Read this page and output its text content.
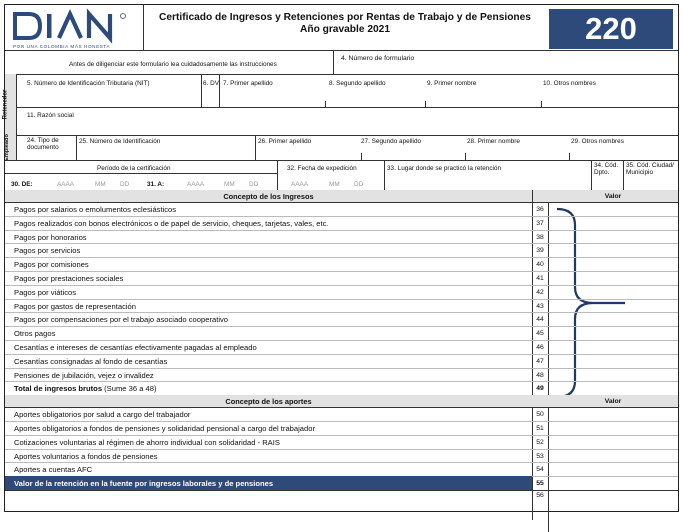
POR UNA COLOMBIA MÁS HONESTA
Certificado de Ingresos y Retenciones por Rentas de Trabajo y de Pensiones
Año gravable 2021	220
Antes de diligenciar este formulario lea cuidadosamente las instrucciones
4. Número de formulario
Retenedor
5. Número de Identificación Tributaria (NIT)	6. DV. 7. Primer apellido	8. Segundo apellido	9. Primer nombre	10. Otros nombres
11. Razón social
Empleado	24. Tipo de
documento
25. Número de Identificación	26. Primer apellido	27. Segundo apellido	28. Primer nombre	29. Otros nombres
Período de la certificación
30. DE:	AAAA	MM DD	31. A:	AAAA	MM DD
32. Fecha de expedición
AAAA	MM DD
33. Lugar donde se practicó la retención	34. Cód.
Dpto.
35. Cód. Ciudad/
Municipio
Concepto de los Ingresos	Valor
Pagos por salarios o emolumentos eclesiásticos	36
Pagos realizados con bonos electrónicos o de papel de servicio, cheques, tarjetas, vales, etc.	37
Pagos por honorarios	38
Pagos por servicios	39
Pagos por comisiones	40
Pagos por prestaciones sociales	41
Pagos por viáticos	42
Pagos por gastos de representación	43
Pagos por compensaciones por el trabajo asociado cooperativo	44
Otros pagos	45
Cesantías e intereses de cesantías efectivamente pagadas al empleado	46
Cesantías consignadas al fondo de cesantías	47
Pensiones de jubilación, vejez o invalidez	48
Total de ingresos brutos (Sume 36 a 48)	49
Concepto de los aportes	Valor
Aportes obligatorios por salud a cargo del trabajador	50
Aportes obligatorios a fondos de pensiones y solidaridad pensional a cargo del trabajador	51
Cotizaciones voluntarias al régimen de ahorro individual con solidaridad - RAIS	52
Aportes voluntarios a fondos de pensiones	53
Aportes a cuentas AFC	54
Valor de la retención en la fuente por ingresos laborales y de pensiones	55
56
